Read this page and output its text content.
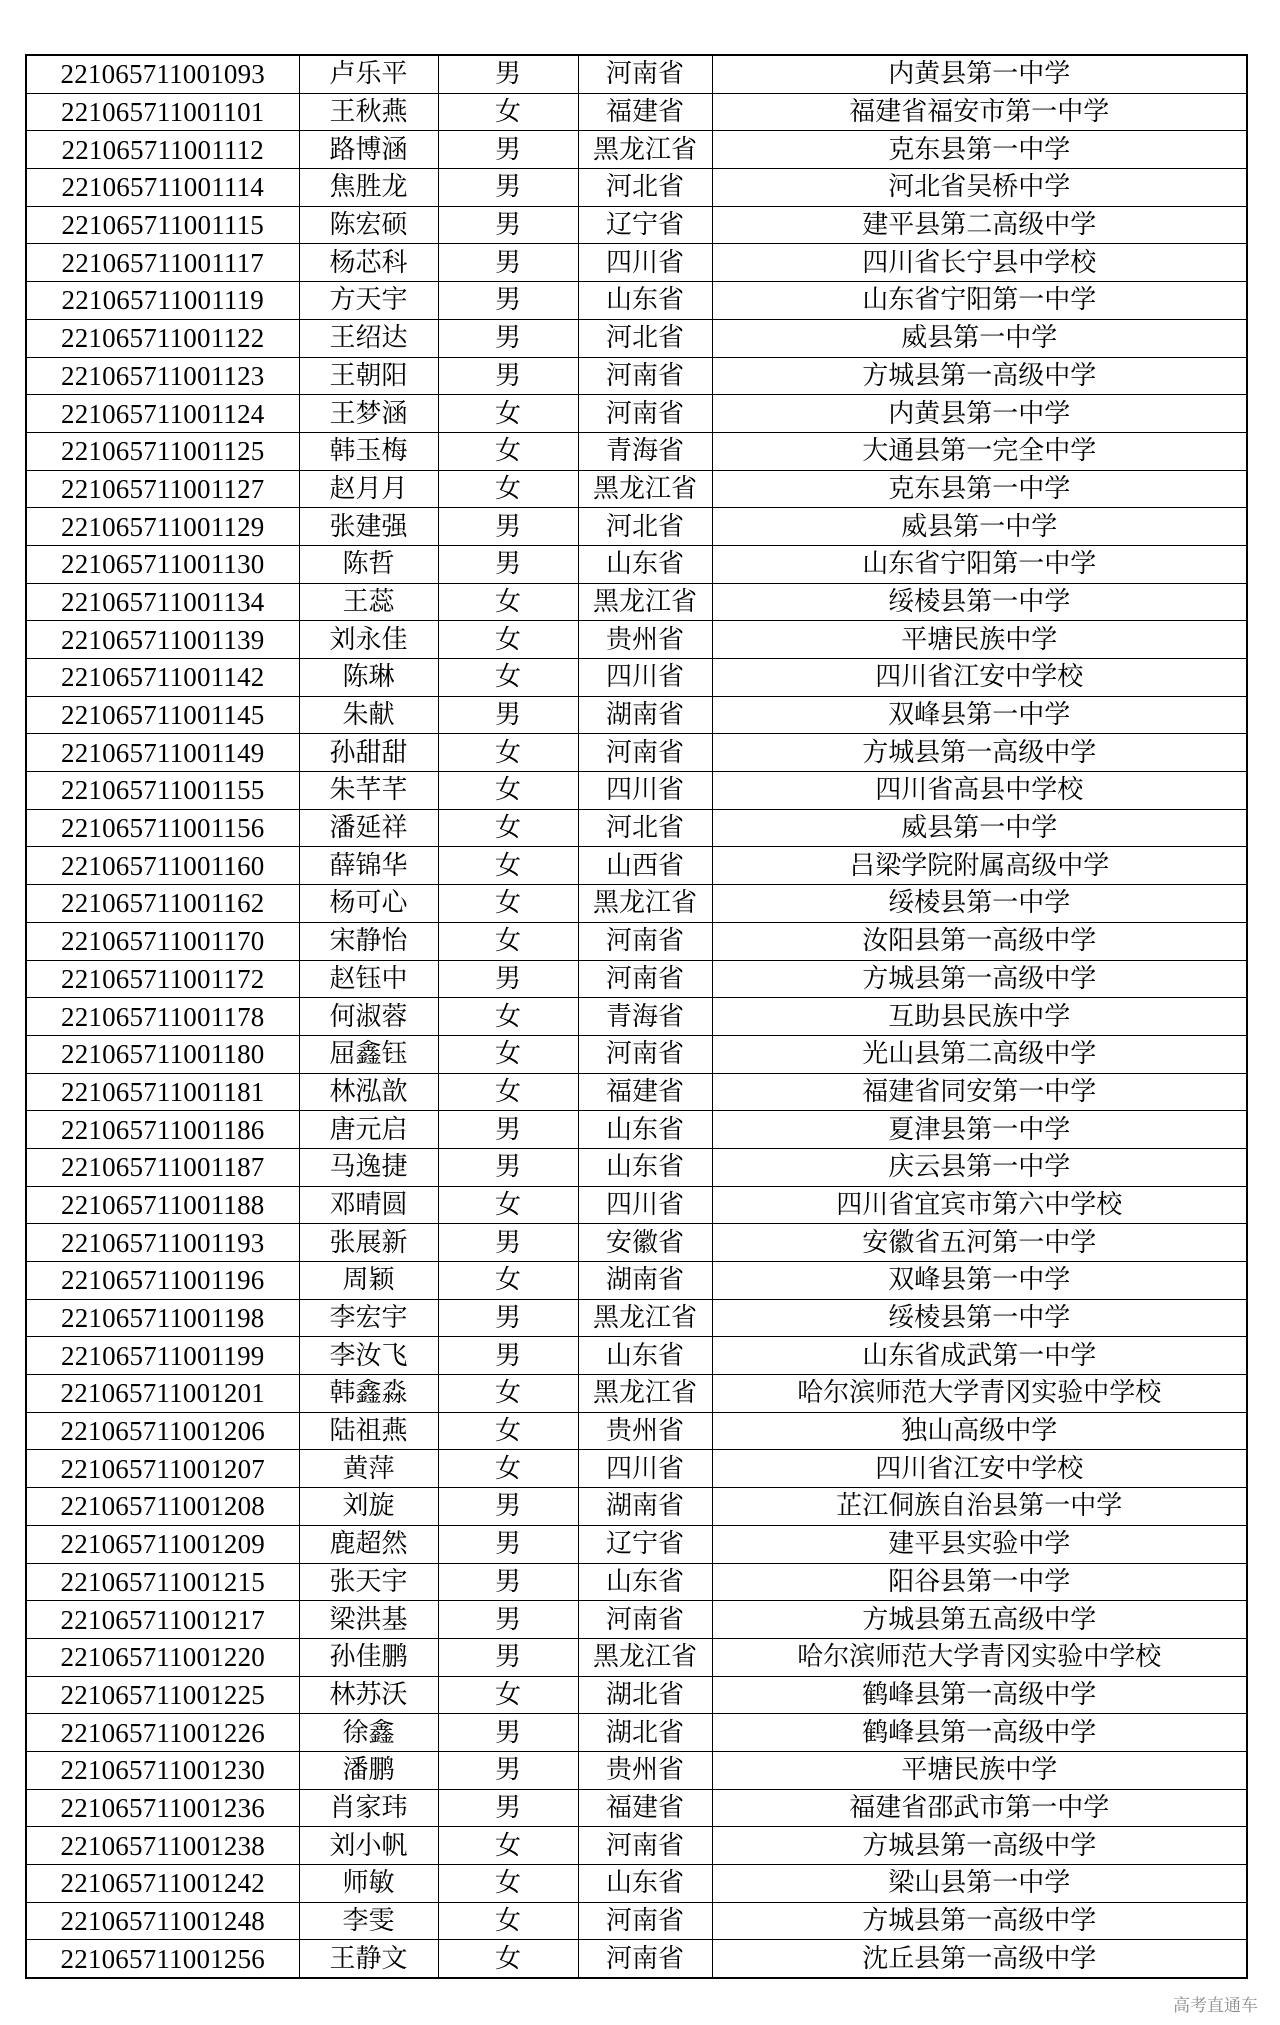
221065711001093	卢乐平	男	河南省	内黄县第一中学
221065711001101	王秋燕	女	福建省	福建省福安市第一中学
221065711001112	路博涵	男	黑龙江省	克东县第一中学
221065711001114	焦胜龙	男	河北省	河北省吴桥中学
221065711001115	陈宏硕	男	辽宁省	建平县第二高级中学
221065711001117	杨芯科	男	四川省	四川省长宁县中学校
221065711001119	方天宇	男	山东省	山东省宁阳第一中学
221065711001122	王绍达	男	河北省	威县第一中学
221065711001123	王朝阳	男	河南省	方城县第一高级中学
221065711001124	王梦涵	女	河南省	内黄县第一中学
221065711001125	韩玉梅	女	青海省	大通县第一完全中学
221065711001127	赵月月	女	黑龙江省	克东县第一中学
221065711001129	张建强	男	河北省	威县第一中学
221065711001130	陈哲	男	山东省	山东省宁阳第一中学
221065711001134	王蕊	女	黑龙江省	绥棱县第一中学
221065711001139	刘永佳	女	贵州省	平塘民族中学
221065711001142	陈琳	女	四川省	四川省江安中学校
221065711001145	朱献	男	湖南省	双峰县第一中学
221065711001149	孙甜甜	女	河南省	方城县第一高级中学
221065711001155	朱芊芊	女	四川省	四川省高县中学校
221065711001156	潘延祥	女	河北省	威县第一中学
221065711001160	薛锦华	女	山西省	吕梁学院附属高级中学
221065711001162	杨可心	女	黑龙江省	绥棱县第一中学
221065711001170	宋静怡	女	河南省	汝阳县第一高级中学
221065711001172	赵钰中	男	河南省	方城县第一高级中学
221065711001178	何淑蓉	女	青海省	互助县民族中学
221065711001180	屈鑫钰	女	河南省	光山县第二高级中学
221065711001181	林泓歆	女	福建省	福建省同安第一中学
221065711001186	唐元启	男	山东省	夏津县第一中学
221065711001187	马逸捷	男	山东省	庆云县第一中学
221065711001188	邓晴圆	女	四川省	四川省宜宾市第六中学校
221065711001193	张展新	男	安徽省	安徽省五河第一中学
221065711001196	周颖	女	湖南省	双峰县第一中学
221065711001198	李宏宇	男	黑龙江省	绥棱县第一中学
221065711001199	李汝飞	男	山东省	山东省成武第一中学
221065711001201	韩鑫淼	女	黑龙江省	哈尔滨师范大学青冈实验中学校
221065711001206	陆祖燕	女	贵州省	独山高级中学
221065711001207	黄萍	女	四川省	四川省江安中学校
221065711001208	刘旋	男	湖南省	芷江侗族自治县第一中学
221065711001209	鹿超然	男	辽宁省	建平县实验中学
221065711001215	张天宇	男	山东省	阳谷县第一中学
221065711001217	梁洪基	男	河南省	方城县第五高级中学
221065711001220	孙佳鹏	男	黑龙江省	哈尔滨师范大学青冈实验中学校
221065711001225	林苏沃	女	湖北省	鹤峰县第一高级中学
221065711001226	徐鑫	男	湖北省	鹤峰县第一高级中学
221065711001230	潘鹏	男	贵州省	平塘民族中学
221065711001236	肖家玮	男	福建省	福建省邵武市第一中学
221065711001238	刘小帆	女	河南省	方城县第一高级中学
221065711001242	师敏	女	山东省	梁山县第一中学
221065711001248	李雯	女	河南省	方城县第一高级中学
221065711001256	王静文	女	河南省	沈丘县第一高级中学
高考直通车
